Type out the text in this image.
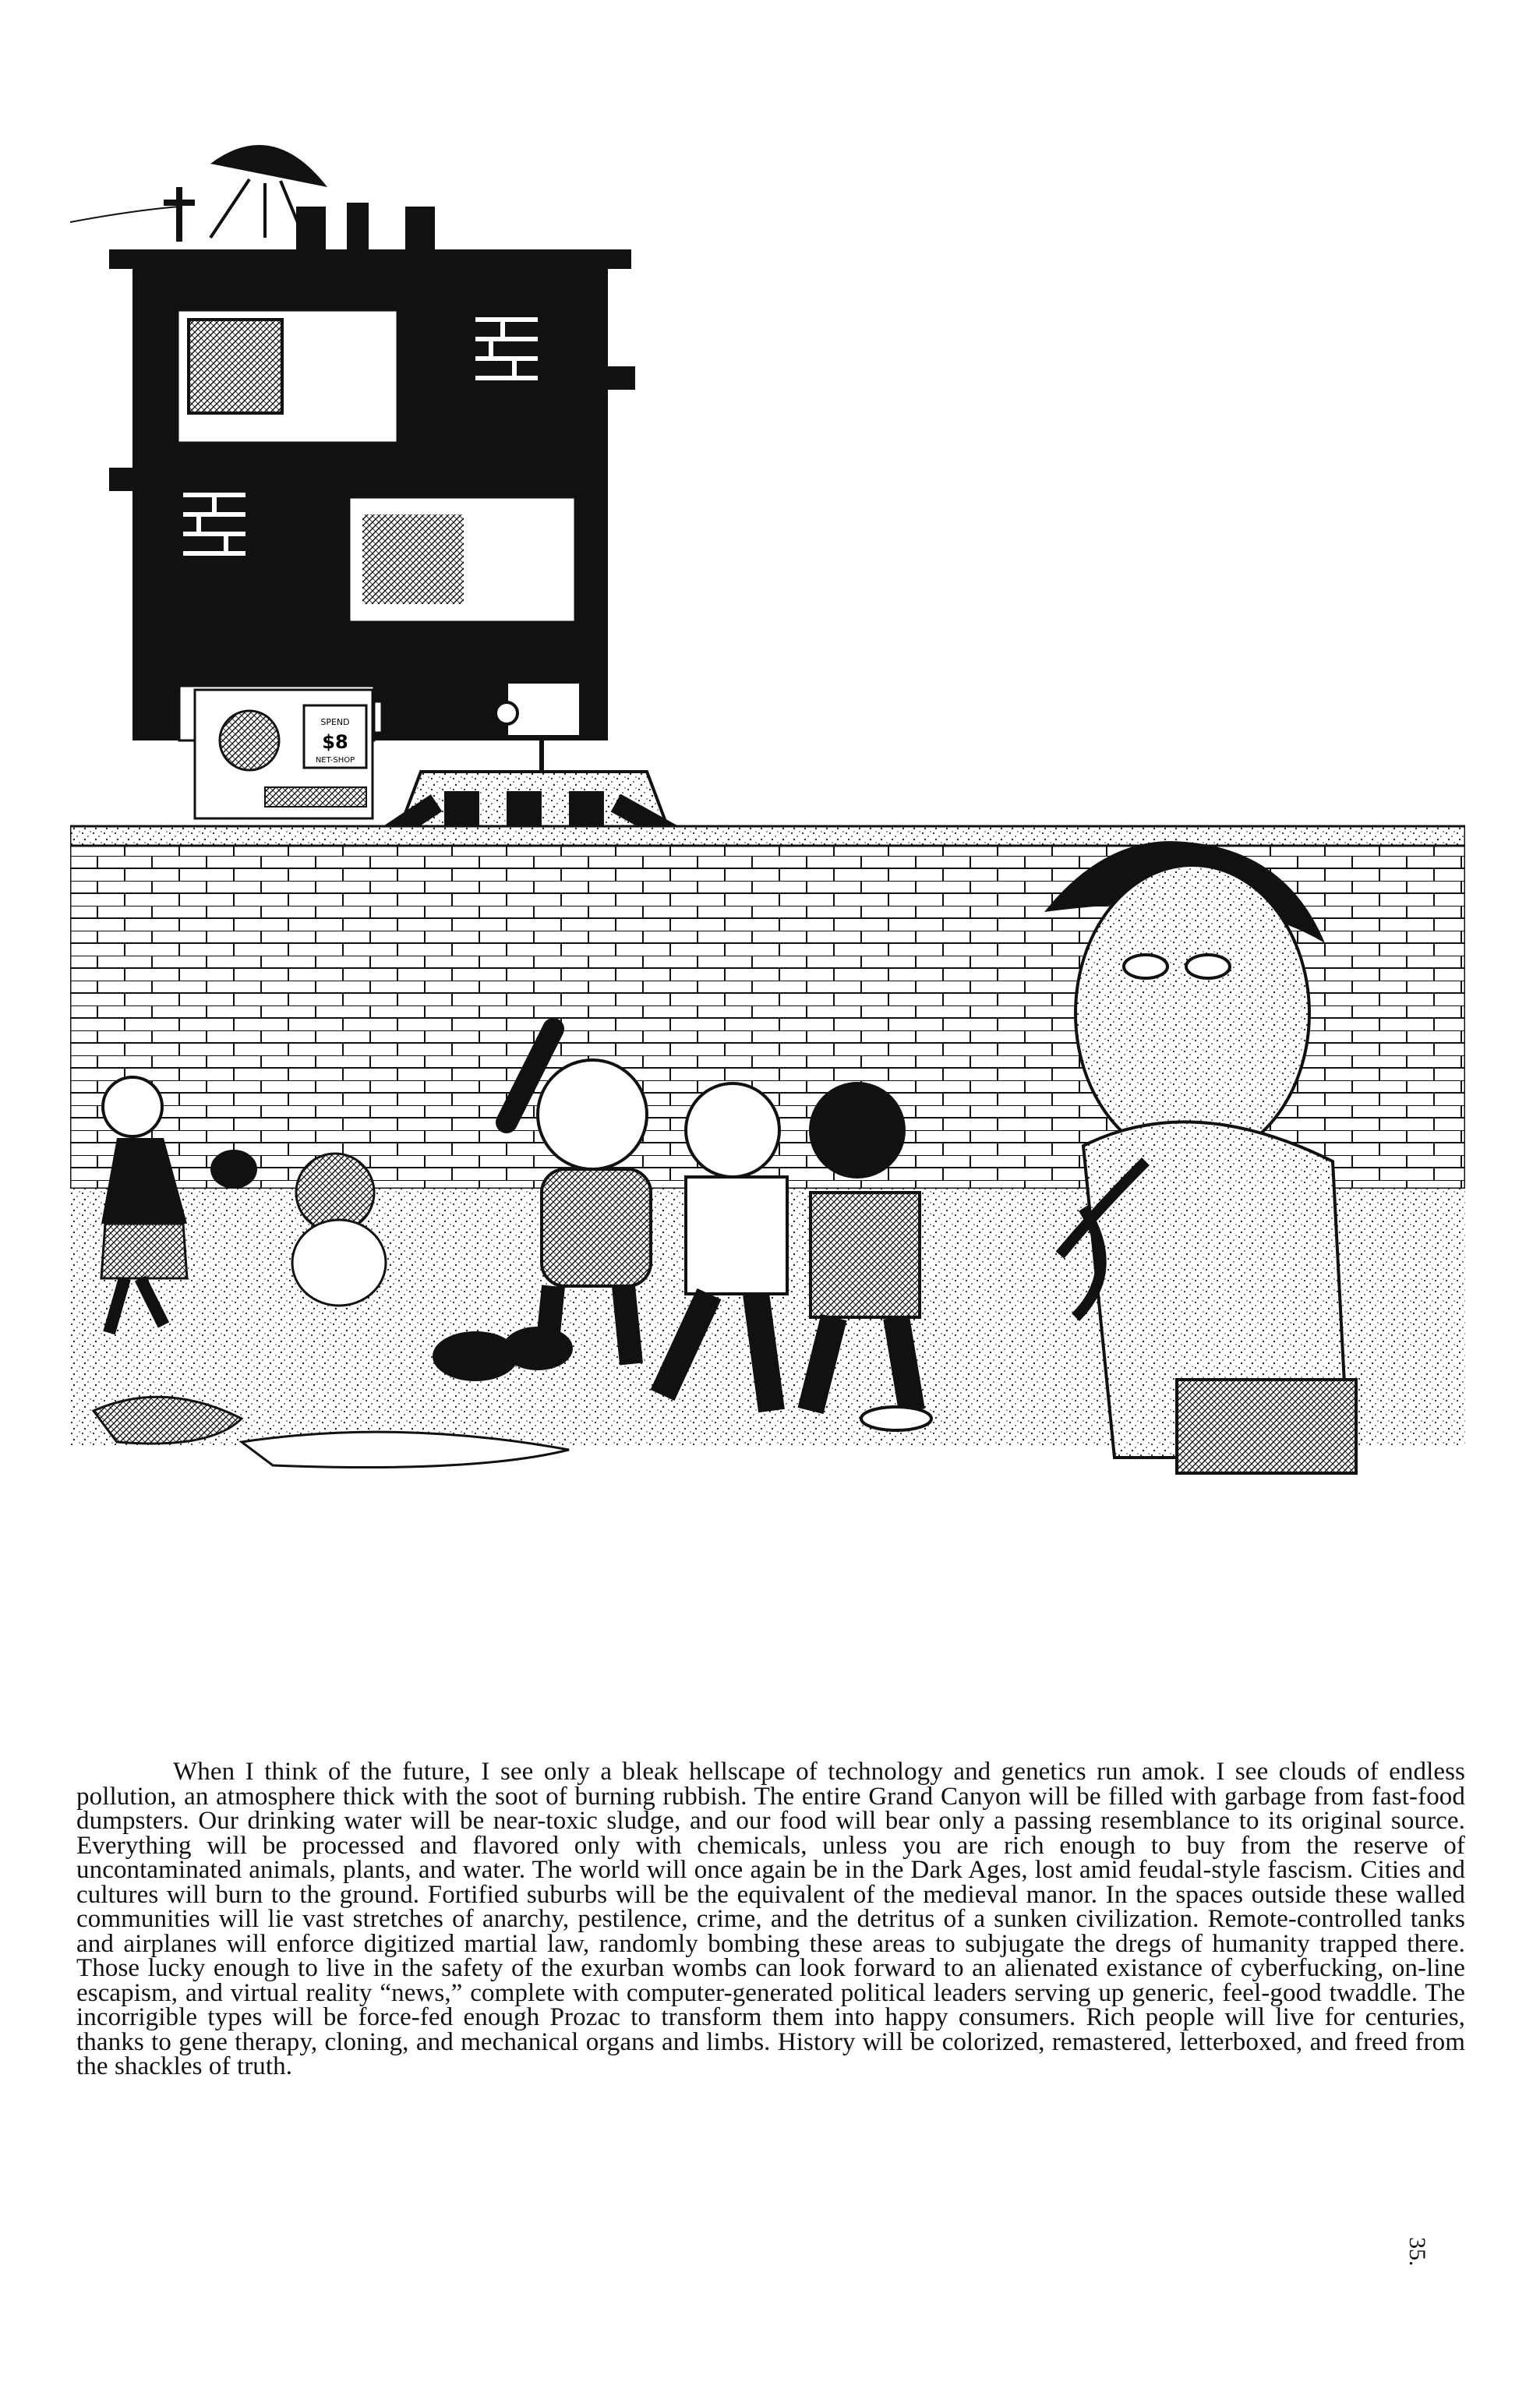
SPEND
$8
NET-SHOP

When I think of the future, I see only a bleak hellscape of technology and genetics run amok. I see clouds of endless pollution, an atmosphere thick with the soot of burning rubbish. The entire Grand Canyon will be filled with garbage from fast-food dumpsters. Our drinking water will be near-toxic sludge, and our food will bear only a passing resemblance to its original source. Everything will be processed and flavored only with chemicals, unless you are rich enough to buy from the reserve of uncontaminated animals, plants, and water. The world will once again be in the Dark Ages, lost amid feudal-style fascism. Cities and cultures will burn to the ground. Fortified suburbs will be the equivalent of the medieval manor. In the spaces outside these walled communities will lie vast stretches of anarchy, pestilence, crime, and the detritus of a sunken civilization. Remote-controlled tanks and airplanes will enforce digitized martial law, randomly bombing these areas to subjugate the dregs of humanity trapped there. Those lucky enough to live in the safety of the exurban wombs can look forward to an alienated existance of cyberfucking, on-line escapism, and virtual reality “news,” complete with computer-generated political leaders serving up generic, feel-good twaddle. The incorrigible types will be force-fed enough Prozac to transform them into happy consumers. Rich people will live for centuries, thanks to gene therapy, cloning, and mechanical organs and limbs. History will be colorized, remastered, letterboxed, and freed from the shackles of truth.

35.
